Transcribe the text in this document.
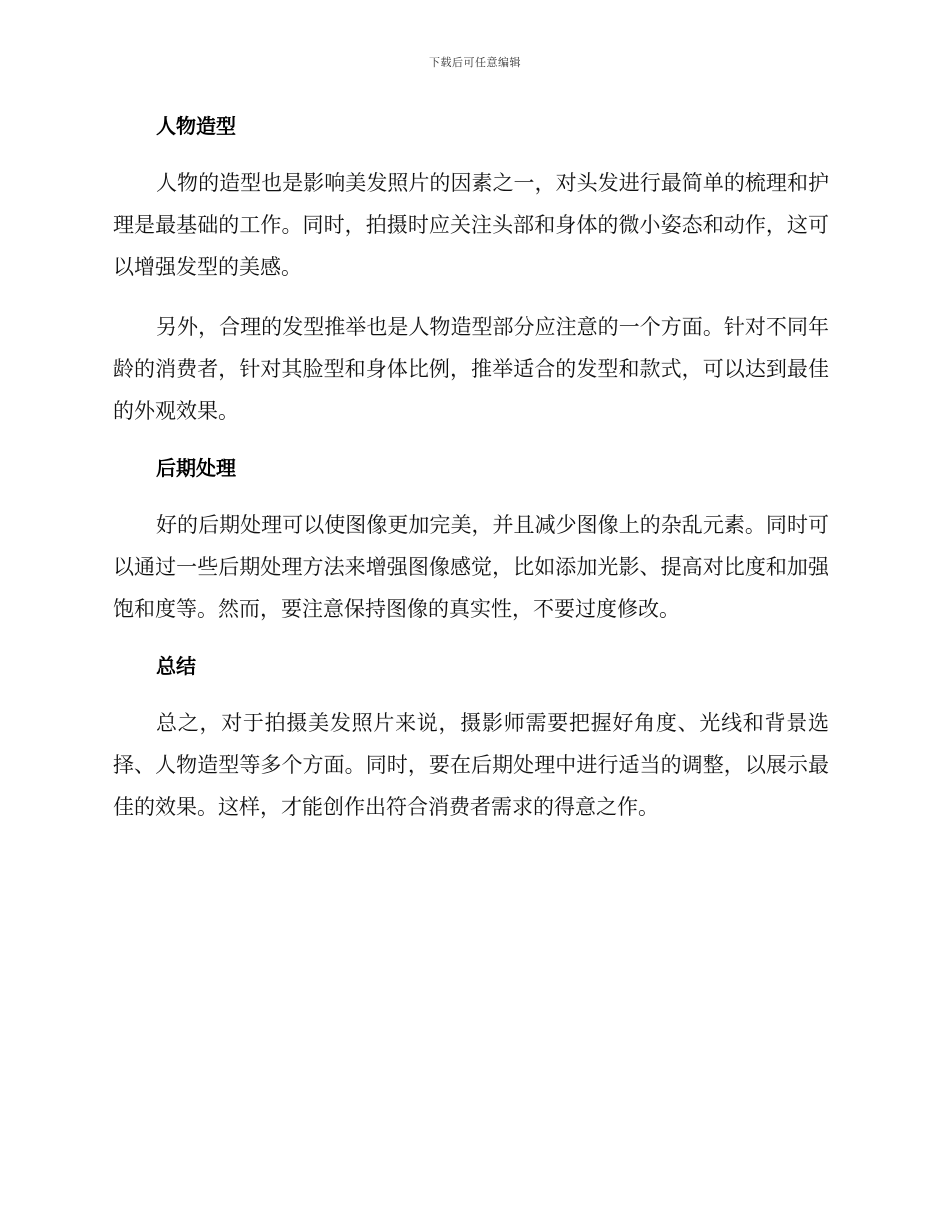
下载后可任意编辑
人物造型

人物的造型也是影响美发照片的因素之一，对头发进行最简单的梳理和护理是最基础的工作。同时，拍摄时应关注头部和身体的微小姿态和动作，这可以增强发型的美感。

另外，合理的发型推举也是人物造型部分应注意的一个方面。针对不同年龄的消费者，针对其脸型和身体比例，推举适合的发型和款式，可以达到最佳的外观效果。

后期处理

好的后期处理可以使图像更加完美，并且减少图像上的杂乱元素。同时可以通过一些后期处理方法来增强图像感觉，比如添加光影、提高对比度和加强饱和度等。然而，要注意保持图像的真实性，不要过度修改。

总结

总之，对于拍摄美发照片来说，摄影师需要把握好角度、光线和背景选择、人物造型等多个方面。同时，要在后期处理中进行适当的调整，以展示最佳的效果。这样，才能创作出符合消费者需求的得意之作。
